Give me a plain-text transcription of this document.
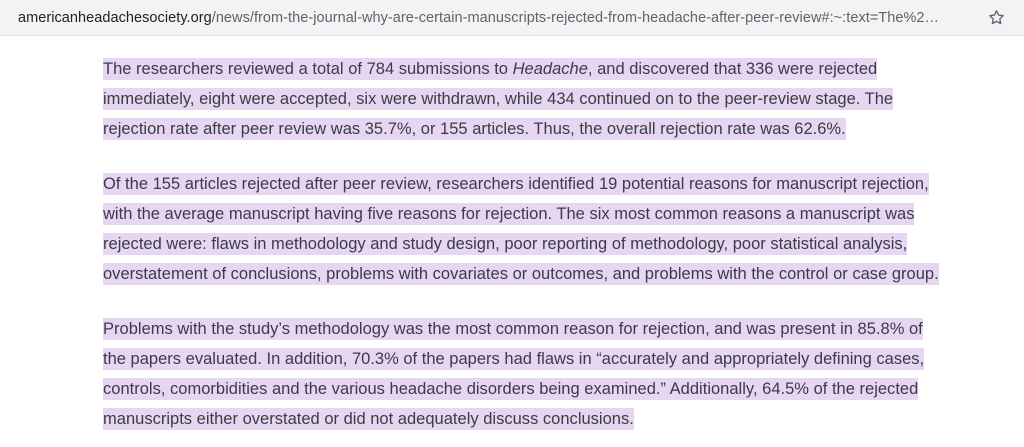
americanheadachesociety.org/news/from-the-journal-why-are-certain-manuscripts-rejected-from-headache-after-peer-review#:~:text=The%2…

The researchers reviewed a total of 784 submissions to Headache, and discovered that 336 were rejected immediately, eight were accepted, six were withdrawn, while 434 continued on to the peer-review stage. The rejection rate after peer review was 35.7%, or 155 articles. Thus, the overall rejection rate was 62.6%.

Of the 155 articles rejected after peer review, researchers identified 19 potential reasons for manuscript rejection, with the average manuscript having five reasons for rejection. The six most common reasons a manuscript was rejected were: flaws in methodology and study design, poor reporting of methodology, poor statistical analysis, overstatement of conclusions, problems with covariates or outcomes, and problems with the control or case group.

Problems with the study’s methodology was the most common reason for rejection, and was present in 85.8% of the papers evaluated. In addition, 70.3% of the papers had flaws in “accurately and appropriately defining cases, controls, comorbidities and the various headache disorders being examined.” Additionally, 64.5% of the rejected manuscripts either overstated or did not adequately discuss conclusions.
